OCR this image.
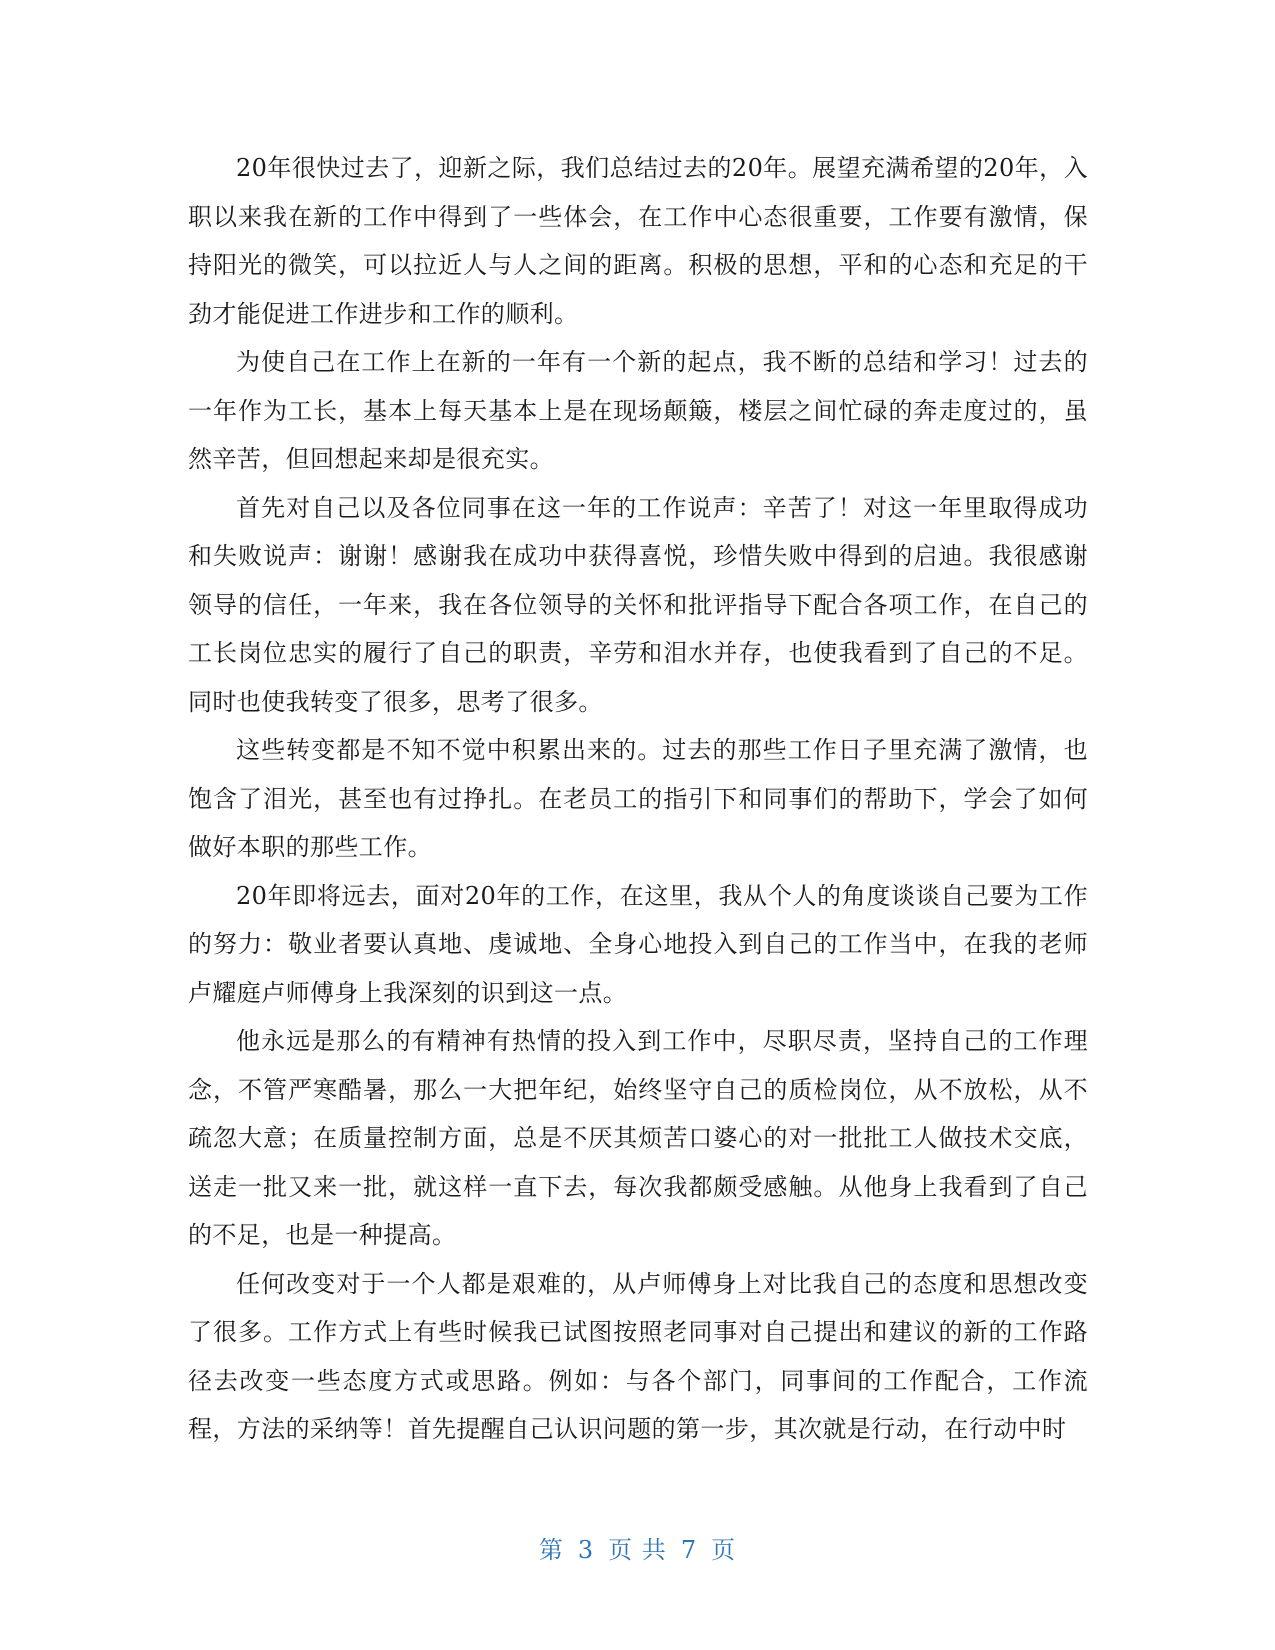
20年很快过去了，迎新之际，我们总结过去的20年。展望充满希望的20年，入职以来我在新的工作中得到了一些体会，在工作中心态很重要，工作要有激情，保持阳光的微笑，可以拉近人与人之间的距离。积极的思想，平和的心态和充足的干劲才能促进工作进步和工作的顺利。

为使自己在工作上在新的一年有一个新的起点，我不断的总结和学习！过去的一年作为工长，基本上每天基本上是在现场颠簸，楼层之间忙碌的奔走度过的，虽然辛苦，但回想起来却是很充实。

首先对自己以及各位同事在这一年的工作说声：辛苦了！对这一年里取得成功和失败说声：谢谢！感谢我在成功中获得喜悦，珍惜失败中得到的启迪。我很感谢领导的信任，一年来，我在各位领导的关怀和批评指导下配合各项工作，在自己的工长岗位忠实的履行了自己的职责，辛劳和泪水并存，也使我看到了自己的不足。同时也使我转变了很多，思考了很多。

这些转变都是不知不觉中积累出来的。过去的那些工作日子里充满了激情，也饱含了泪光，甚至也有过挣扎。在老员工的指引下和同事们的帮助下，学会了如何做好本职的那些工作。

20年即将远去，面对20年的工作，在这里，我从个人的角度谈谈自己要为工作的努力：敬业者要认真地、虔诚地、全身心地投入到自己的工作当中，在我的老师卢耀庭卢师傅身上我深刻的识到这一点。

他永远是那么的有精神有热情的投入到工作中，尽职尽责，坚持自己的工作理念，不管严寒酷暑，那么一大把年纪，始终坚守自己的质检岗位，从不放松，从不疏忽大意；在质量控制方面，总是不厌其烦苦口婆心的对一批批工人做技术交底，送走一批又来一批，就这样一直下去，每次我都颇受感触。从他身上我看到了自己的不足，也是一种提高。

任何改变对于一个人都是艰难的，从卢师傅身上对比我自己的态度和思想改变了很多。工作方式上有些时候我已试图按照老同事对自己提出和建议的新的工作路径去改变一些态度方式或思路。例如：与各个部门，同事间的工作配合，工作流程，方法的采纳等！首先提醒自己认识问题的第一步，其次就是行动，在行动中时

第 3 页 共 7 页
